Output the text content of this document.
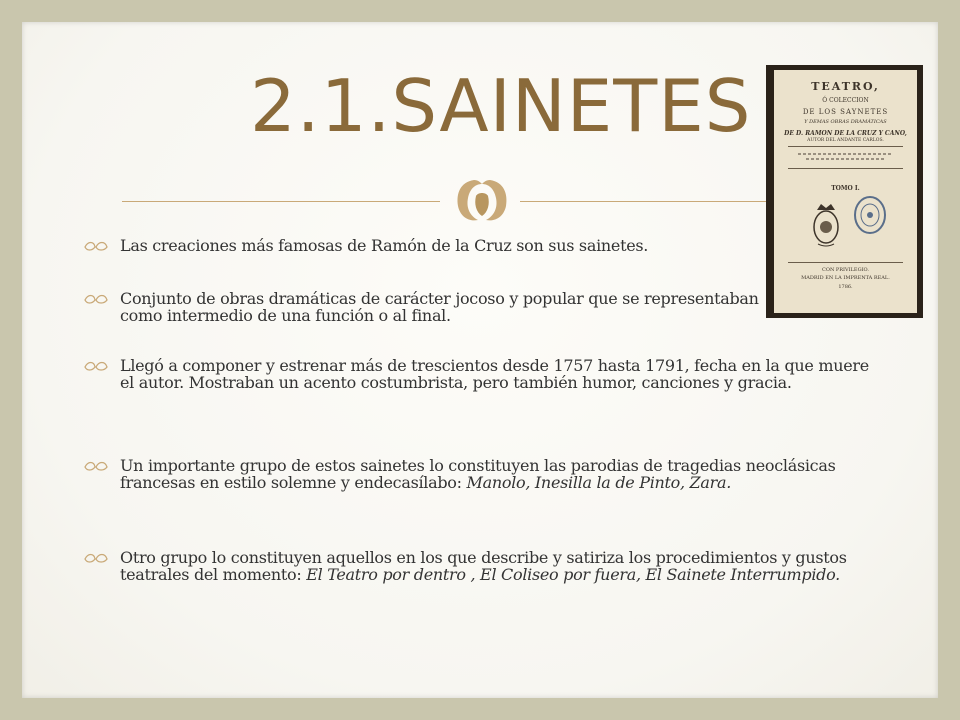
2.1.SAINETES	TEATRO,
Ó COLECCION
DE LOS SAYNETES
Y DEMAS OBRAS DRAMÁTICAS
DE D. RAMON DE LA CRUZ Y CANO,
AUTOR DEL ANDANTE CARLOS.
TOMO I.
CON PRIVILEGIO.
MADRID EN LA IMPRENTA REAL.
1786.
Las creaciones más famosas de Ramón de la Cruz son sus sainetes.
Conjunto de obras dramáticas de carácter jocoso y popular que se representaban como intermedio de una función o al final.
Llegó a componer y estrenar más de trescientos desde 1757 hasta 1791, fecha en la que muere el autor. Mostraban un acento costumbrista, pero también humor, canciones y gracia.
Un importante grupo de estos sainetes lo constituyen las parodias de tragedias neoclásicas francesas en estilo solemne y endecasílabo: Manolo, Inesilla la de Pinto, Zara.
Otro grupo lo constituyen aquellos en los que describe y satiriza los procedimientos y gustos teatrales del momento: El Teatro por dentro , El Coliseo por fuera, El Sainete Interrumpido.
